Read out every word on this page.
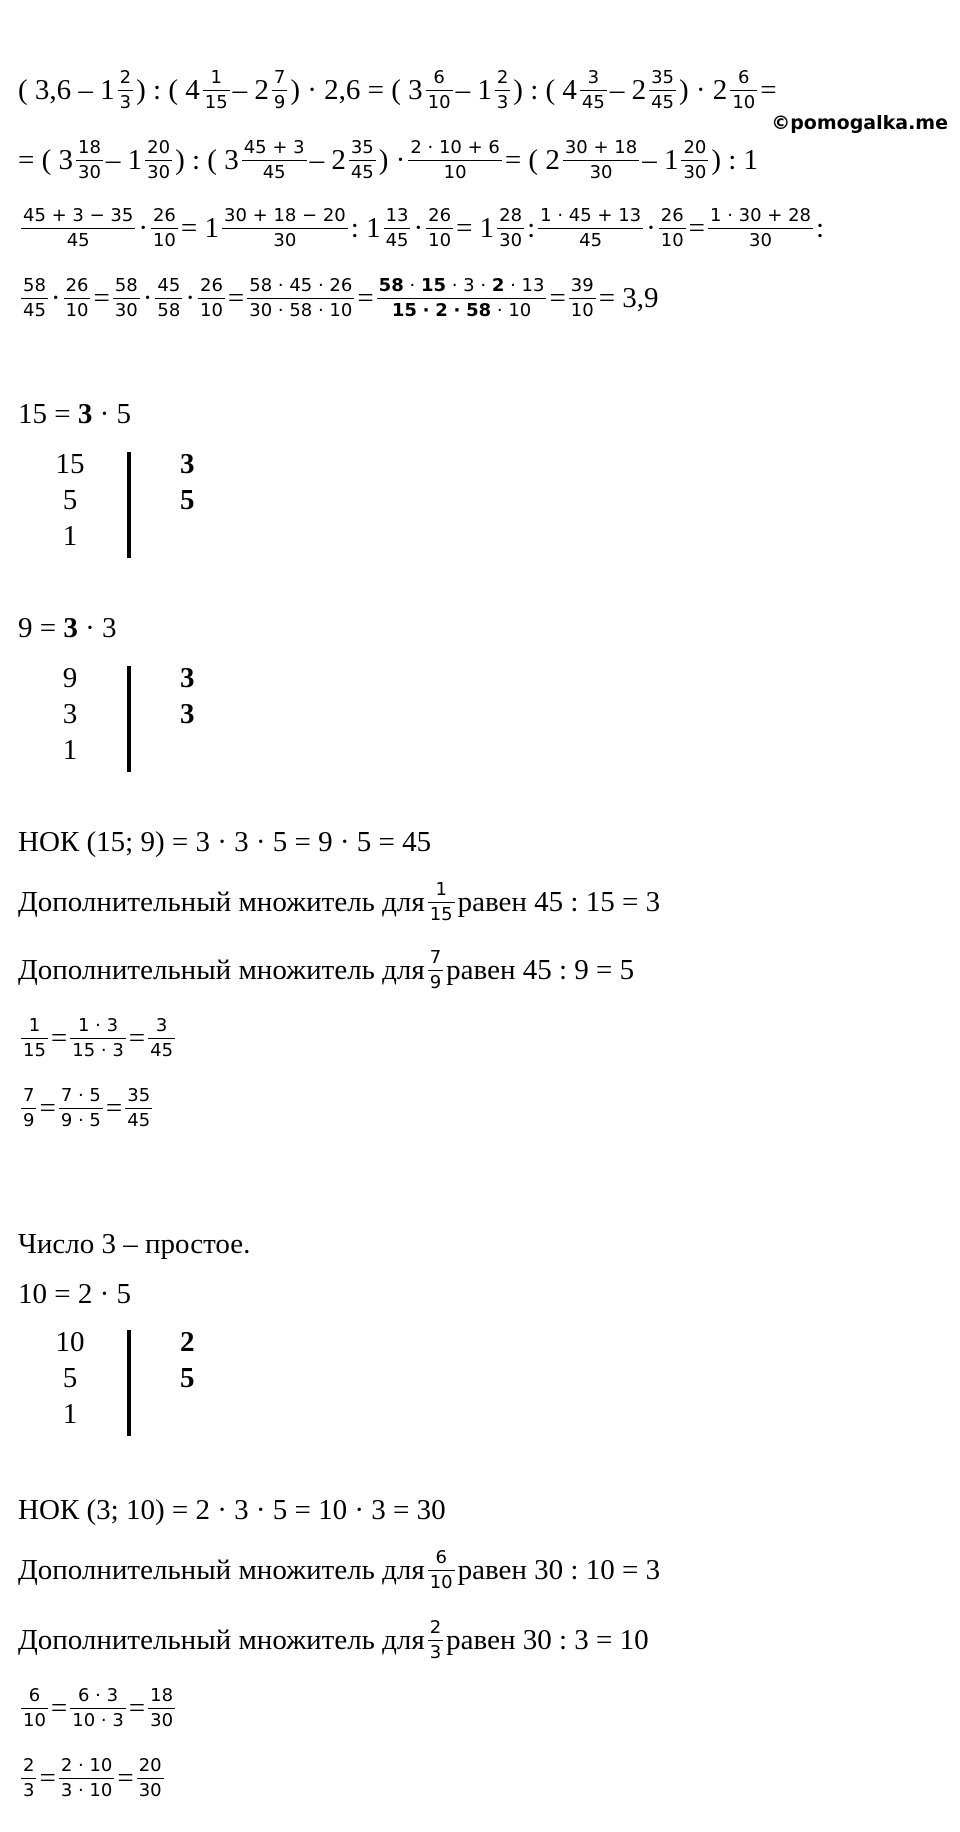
©pomogalka.me
( $3,6 - 1 \frac{2}{3}$ ) : ( $4 \frac{1}{15} - 2 \frac{7}{9}$ ) · 2,6 = ( $3 \frac{6}{10} - 1 \frac{2}{3}$ ) : ( $4 \frac{3}{45} - 2 \frac{35}{45}$ ) · $2 \frac{6}{10}$ =
= ( $3 \frac{18}{30} - 1 \frac{20}{30}$ ) : ( $3 \frac{45 + 3}{45} - 2 \frac{35}{45}$ ) · $\frac{2 \cdot 10 + 6}{10}$ = ( $2 \frac{30 + 18}{30} - 1 \frac{20}{30}$ ) : 1
$\frac{45 + 3 - 35}{45} \cdot \frac{26}{10} = 1 \frac{30 + 18 - 20}{30}$ : $1 \frac{13}{45} \cdot \frac{26}{10} = 1 \frac{28}{30}$ : $\frac{1 \cdot 45 + 13}{45} \cdot \frac{26}{10} = \frac{1 \cdot 30 + 28}{30}$ :
$\frac{58}{45} \cdot \frac{26}{10} = \frac{58}{30} \cdot \frac{45}{58} \cdot \frac{26}{10} = \frac{58 \cdot 45 \cdot 26}{30 \cdot 58 \cdot 10} = \frac{58 \cdot 15 \cdot 3 \cdot 2 \cdot 13}{15 \cdot 2 \cdot 58 \cdot 10} = \frac{39}{10} = 3,9$
15 =
3
· 5
15
5
1
3
5
9 =
3
· 3
9
3
1
3
3
НОК (15; 9) = 3 · 3 · 5 = 9 · 5 = 45
Дополнительный множитель для $\frac{1}{15}$ равен 45 : 15 = 3
Дополнительный множитель для $\frac{7}{9}$ равен 45 : 9 = 5
$\frac{1}{15} = \frac{1 \cdot 3}{15 \cdot 3} = \frac{3}{45}$
$\frac{7}{9} = \frac{7 \cdot 5}{9 \cdot 5} = \frac{35}{45}$
Число 3 – простое.
10 = 2 · 5
10
5
1
2
5
НОК (3; 10) = 2 · 3 · 5 = 10 · 3 = 30
Дополнительный множитель для $\frac{6}{10}$ равен 30 : 10 = 3
Дополнительный множитель для $\frac{2}{3}$ равен 30 : 3 = 10
$\frac{6}{10} = \frac{6 \cdot 3}{10 \cdot 3} = \frac{18}{30}$
$\frac{2}{3} = \frac{2 \cdot 10}{3 \cdot 10} = \frac{20}{30}$
